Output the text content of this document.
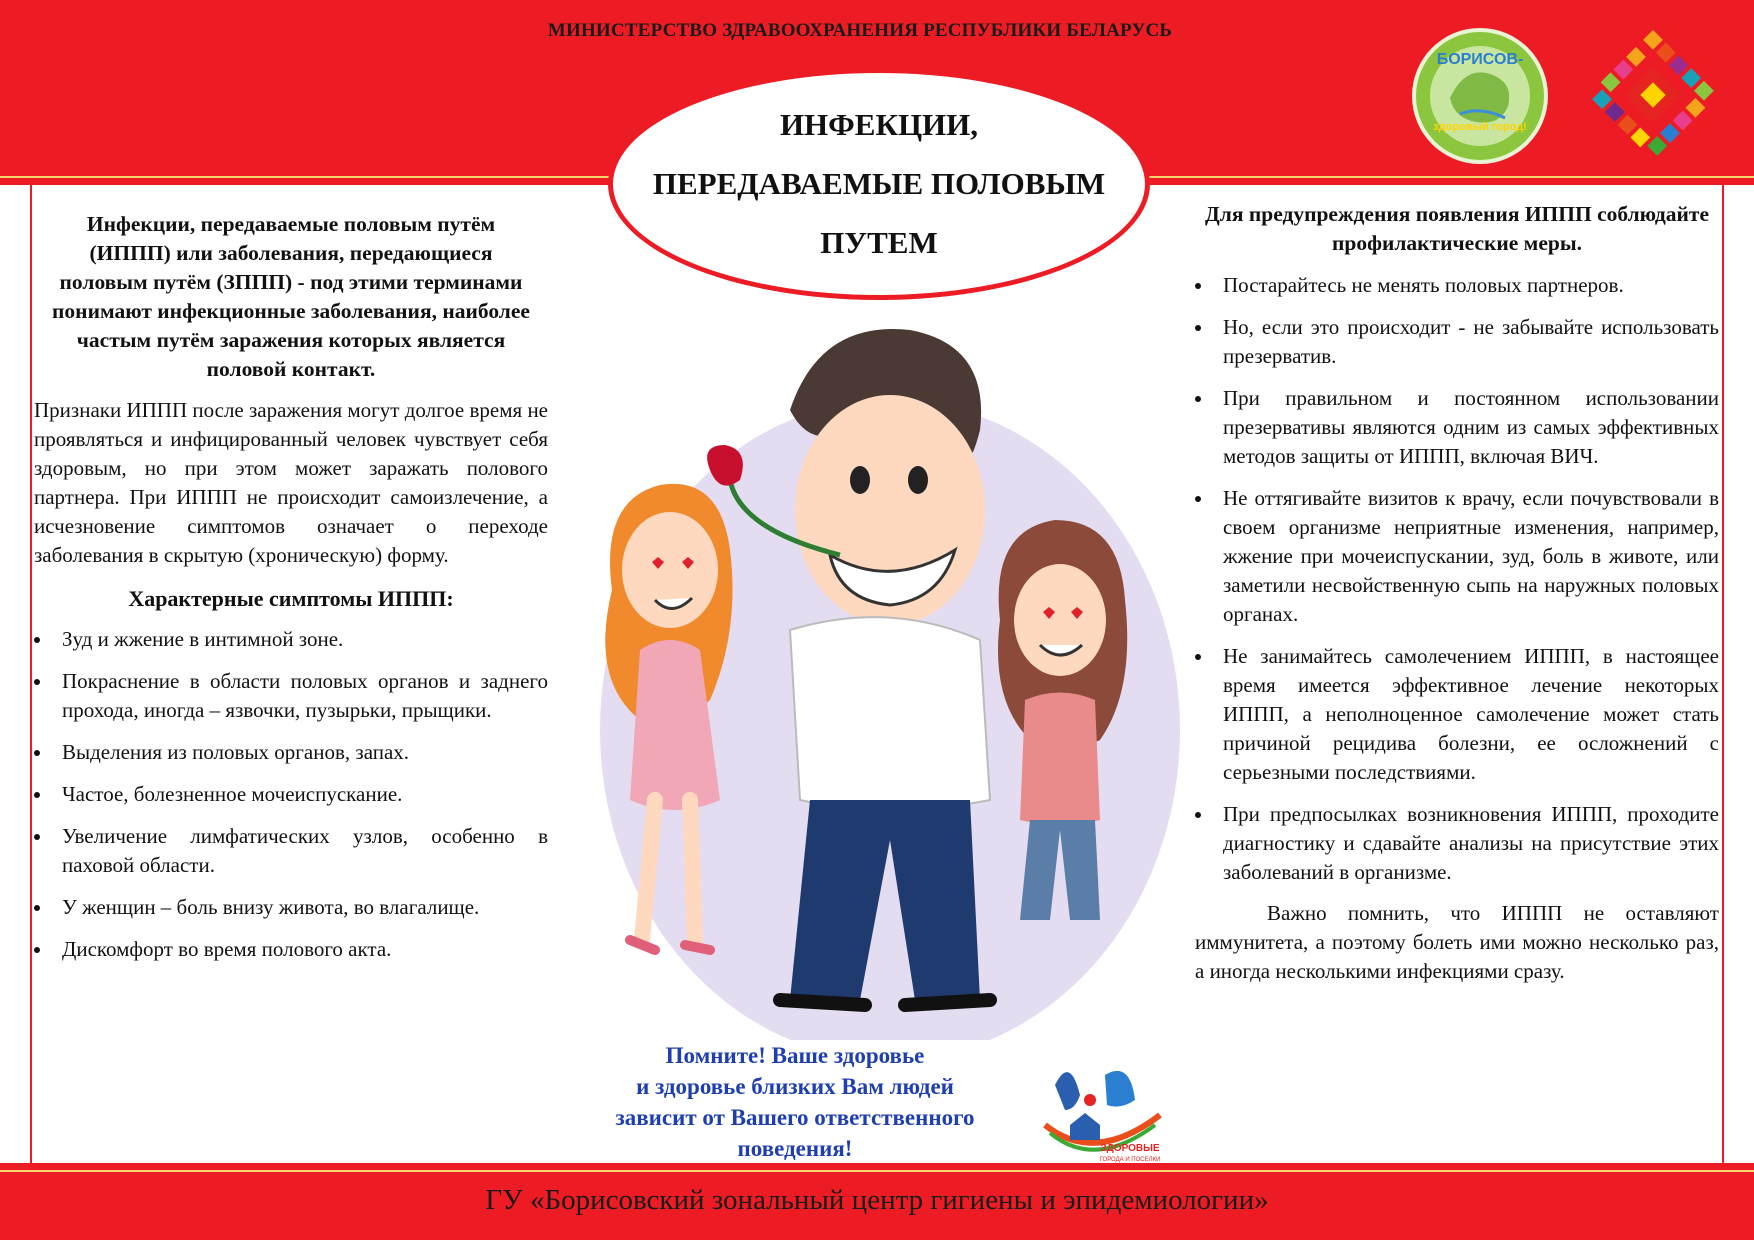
МИНИСТЕРСТВО ЗДРАВООХРАНЕНИЯ РЕСПУБЛИКИ БЕЛАРУСЬ
ИНФЕКЦИИ,
ПЕРЕДАВАЕМЫЕ ПОЛОВЫМ
ПУТЕМ
БОРИСОВ-
здоровый город!
Инфекции, передаваемые половым путём (ИППП) или заболевания, передающиеся половым путём (ЗППП) - под этими терминами понимают инфекционные заболевания, наиболее частым путём заражения которых является половой контакт.
Признаки ИППП после заражения могут долгое время не проявляться и инфицированный человек чувствует себя здоровым, но при этом может заражать полового партнера. При ИППП не происходит самоизлечение, а исчезновение симптомов означает о переходе заболевания в скрытую (хроническую) форму.
Характерные симптомы ИППП:
Зуд и жжение в интимной зоне.
Покраснение в области половых органов и заднего прохода, иногда – язвочки, пузырьки, прыщики.
Выделения из половых органов, запах.
Частое, болезненное мочеиспускание.
Увеличение лимфатических узлов, особенно в паховой области.
У женщин – боль внизу живота, во влагалище.
Дискомфорт во время полового акта.
Помните! Ваше здоровье
и здоровье близких Вам людей
зависит от Вашего ответственного
поведения!	ЗДОРОВЫЕ
ГОРОДА И ПОСЕЛКИ
Для предупреждения появления ИППП соблюдайте профилактические меры.
Постарайтесь не менять половых партнеров.
Но, если это происходит - не забывайте использовать презерватив.
При правильном и постоянном использовании презервативы являются одним из самых эффективных методов защиты от ИППП, включая ВИЧ.
Не оттягивайте визитов к врачу, если почувствовали в своем организме неприятные изменения, например, жжение при мочеиспускании, зуд, боль в животе, или заметили несвойственную сыпь на наружных половых органах.
Не занимайтесь самолечением ИППП, в настоящее время имеется эффективное лечение некоторых ИППП, а неполноценное самолечение может стать причиной рецидива болезни, ее осложнений с серьезными последствиями.
При предпосылках возникновения ИППП, проходите диагностику и сдавайте анализы на присутствие этих заболеваний в организме.
Важно помнить, что ИППП не оставляют иммунитета, а поэтому болеть ими можно несколько раз, а иногда несколькими инфекциями сразу.
ГУ «Борисовский зональный центр гигиены и эпидемиологии»
